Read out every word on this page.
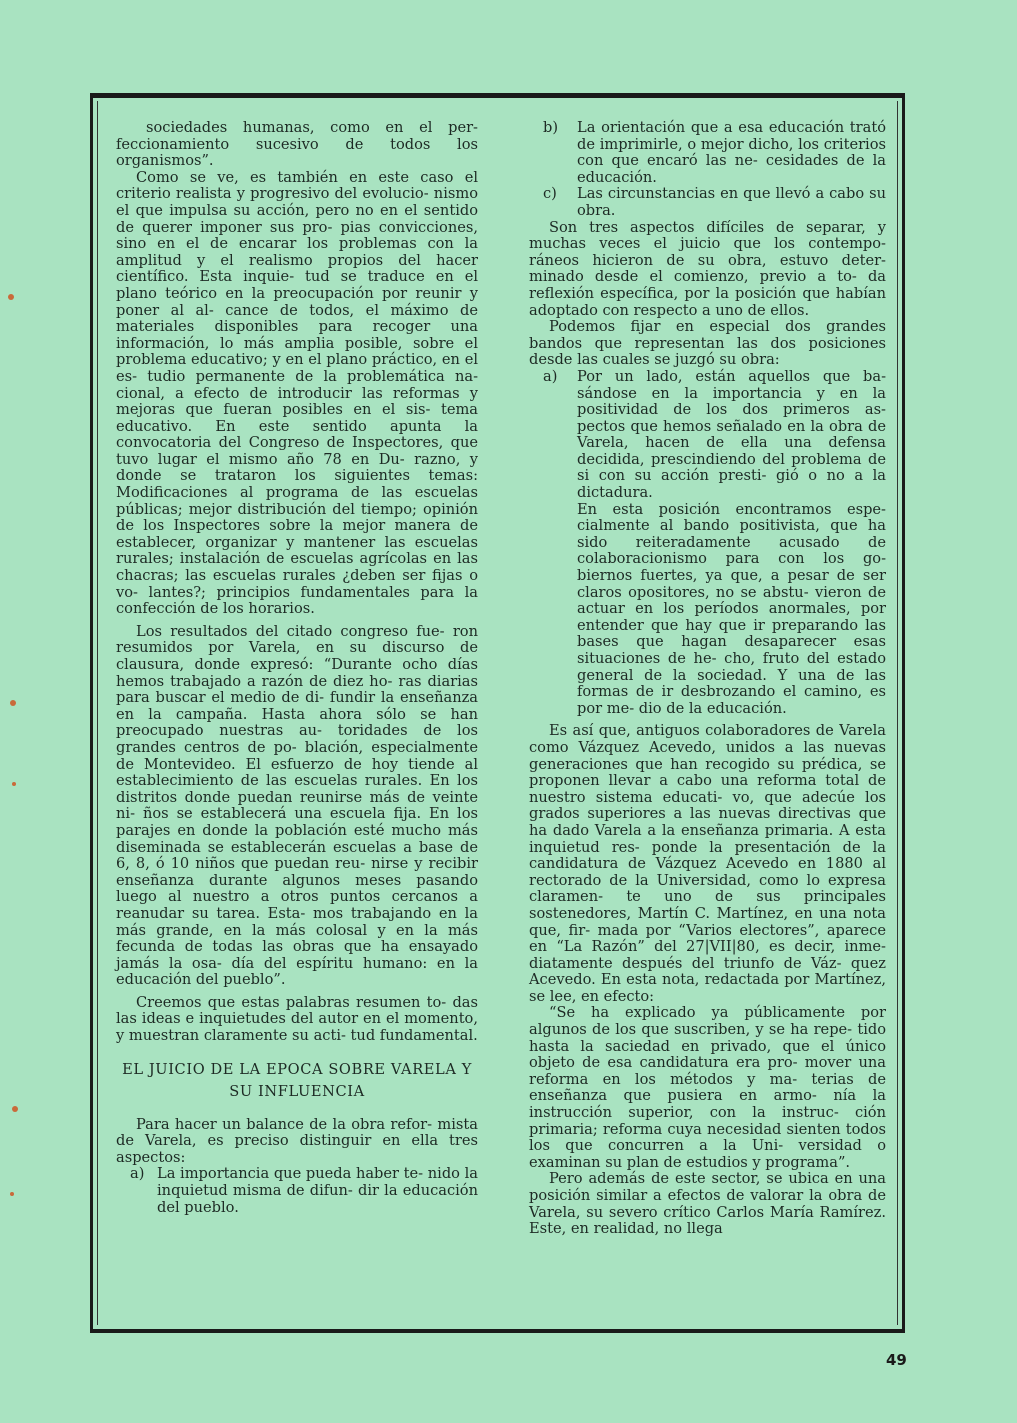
sociedades humanas, como en el per- feccionamiento sucesivo de todos los organismos”.

Como se ve, es también en este caso el criterio realista y progresivo del evolucio- nismo el que impulsa su acción, pero no en el sentido de querer imponer sus pro- pias convicciones, sino en el de encarar los problemas con la amplitud y el realismo propios del hacer científico. Esta inquie- tud se traduce en el plano teórico en la preocupación por reunir y poner al al- cance de todos, el máximo de materiales disponibles para recoger una información, lo más amplia posible, sobre el problema educativo; y en el plano práctico, en el es- tudio permanente de la problemática na- cional, a efecto de introducir las reformas y mejoras que fueran posibles en el sis- tema educativo. En este sentido apunta la convocatoria del Congreso de Inspectores, que tuvo lugar el mismo año 78 en Du- razno, y donde se trataron los siguientes temas: Modificaciones al programa de las escuelas públicas; mejor distribución del tiempo; opinión de los Inspectores sobre la mejor manera de establecer, organizar y mantener las escuelas rurales; instalación de escuelas agrícolas en las chacras; las escuelas rurales ¿deben ser fijas o vo- lantes?; principios fundamentales para la confección de los horarios.

Los resultados del citado congreso fue- ron resumidos por Varela, en su discurso de clausura, donde expresó: “Durante ocho días hemos trabajado a razón de diez ho- ras diarias para buscar el medio de di- fundir la enseñanza en la campaña. Hasta ahora sólo se han preocupado nuestras au- toridades de los grandes centros de po- blación, especialmente de Montevideo. El esfuerzo de hoy tiende al establecimiento de las escuelas rurales. En los distritos donde puedan reunirse más de veinte ni- ños se establecerá una escuela fija. En los parajes en donde la población esté mucho más diseminada se establecerán escuelas a base de 6, 8, ó 10 niños que puedan reu- nirse y recibir enseñanza durante algunos meses pasando luego al nuestro a otros puntos cercanos a reanudar su tarea. Esta- mos trabajando en la más grande, en la más colosal y en la más fecunda de todas las obras que ha ensayado jamás la osa- día del espíritu humano: en la educación del pueblo”.

Creemos que estas palabras resumen to- das las ideas e inquietudes del autor en el momento, y muestran claramente su acti- tud fundamental.

EL JUICIO DE LA EPOCA SOBRE VARELA Y SU INFLUENCIA

Para hacer un balance de la obra refor- mista de Varela, es preciso distinguir en ella tres aspectos:

a) La importancia que pueda haber te- nido la inquietud misma de difun- dir la educación del pueblo.
b)	La orientación que a esa educación trató de imprimirle, o mejor dicho, los criterios con que encaró las ne- cesidades de la educación.
c)	Las circunstancias en que llevó a cabo su obra.

Son tres aspectos difíciles de separar, y muchas veces el juicio que los contempo- ráneos hicieron de su obra, estuvo deter- minado desde el comienzo, previo a to- da reflexión específica, por la posición que habían adoptado con respecto a uno de ellos.

Podemos fijar en especial dos grandes bandos que representan las dos posiciones desde las cuales se juzgó su obra:

a)	Por un lado, están aquellos que ba- sándose en la importancia y en la positividad de los dos primeros as- pectos que hemos señalado en la obra de Varela, hacen de ella una defensa decidida, prescindiendo del problema de si con su acción presti- gió o no a la dictadura.

En esta posición encontramos espe- cialmente al bando positivista, que ha sido reiteradamente acusado de colaboracionismo para con los go- biernos fuertes, ya que, a pesar de ser claros opositores, no se abstu- vieron de actuar en los períodos anormales, por entender que hay que ir preparando las bases que hagan desaparecer esas situaciones de he- cho, fruto del estado general de la sociedad. Y una de las formas de ir desbrozando el camino, es por me- dio de la educación.

Es así que, antiguos colaboradores de Varela como Vázquez Acevedo, unidos a las nuevas generaciones que han recogido su prédica, se proponen llevar a cabo una reforma total de nuestro sistema educati- vo, que adecúe los grados superiores a las nuevas directivas que ha dado Varela a la enseñanza primaria. A esta inquietud res- ponde la presentación de la candidatura de Vázquez Acevedo en 1880 al rectorado de la Universidad, como lo expresa claramen- te uno de sus principales sostenedores, Martín C. Martínez, en una nota que, fir- mada por “Varios electores”, aparece en “La Razón” del 27|VII|80, es decir, inme- diatamente después del triunfo de Váz- quez Acevedo. En esta nota, redactada por Martínez, se lee, en efecto:

“Se ha explicado ya públicamente por algunos de los que suscriben, y se ha repe- tido hasta la saciedad en privado, que el único objeto de esa candidatura era pro- mover una reforma en los métodos y ma- terias de enseñanza que pusiera en armo- nía la instrucción superior, con la instruc- ción primaria; reforma cuya necesidad sienten todos los que concurren a la Uni- versidad o examinan su plan de estudios y programa”.

Pero además de este sector, se ubica en una posición similar a efectos de valorar la obra de Varela, su severo crítico Carlos María Ramírez. Este, en realidad, no llega

49
